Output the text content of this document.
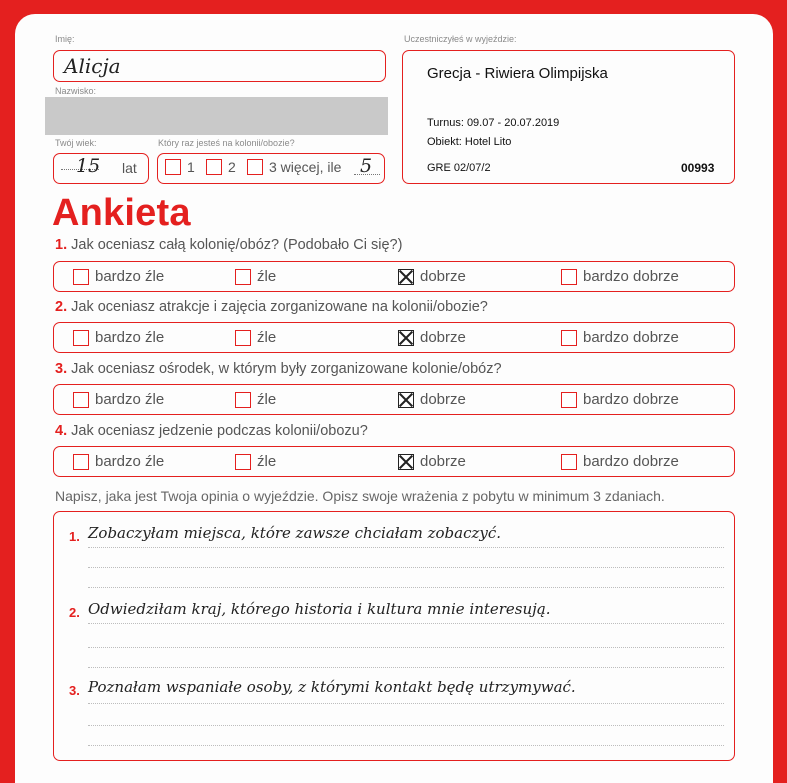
Imię:
Alicja
Nazwisko:
Twój wiek:
15 lat
Który raz jesteś na kolonii/obozie?
1 2 3 więcej, ile 5
Uczestniczyłeś w wyjeździe:
Grecja - Riwiera Olimpijska
Turnus: 09.07 - 20.07.2019
Obiekt: Hotel Lito
GRE 02/07/2	00993
Ankieta
1. Jak oceniasz całą kolonię/obóz? (Podobało Ci się?)
bardzo źle	źle	dobrze	bardzo dobrze
2. Jak oceniasz atrakcje i zajęcia zorganizowane na kolonii/obozie?
bardzo źle	źle	dobrze	bardzo dobrze
3. Jak oceniasz ośrodek, w którym były zorganizowane kolonie/obóz?
bardzo źle	źle	dobrze	bardzo dobrze
4. Jak oceniasz jedzenie podczas kolonii/obozu?
bardzo źle	źle	dobrze	bardzo dobrze
Napisz, jaka jest Twoja opinia o wyjeździe. Opisz swoje wrażenia z pobytu w minimum 3 zdaniach.
1. Zobaczyłam miejsca, które zawsze chciałam zobaczyć.
2. Odwiedziłam kraj, którego historia i kultura mnie interesują.
3. Poznałam wspaniałe osoby, z którymi kontakt będę utrzymywać.
